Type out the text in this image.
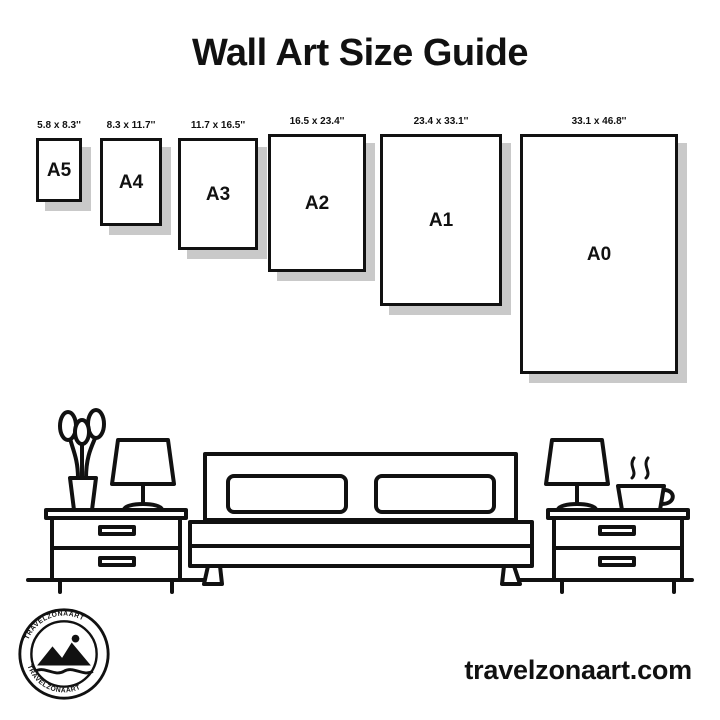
Wall Art Size Guide
5.8 x 8.3''
A5
8.3 x 11.7''
A4
11.7 x 16.5''
A3
16.5 x 23.4''
A2
23.4 x 33.1''
A1
33.1 x 46.8''
A0
TRAVELZONAART
TRAVELZONAART
travelzonaart.com
